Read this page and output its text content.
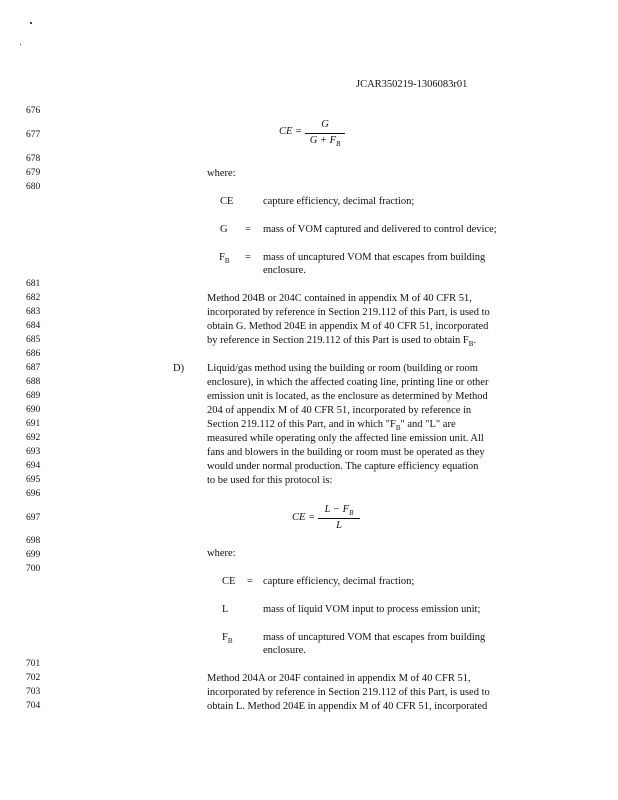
JCAR350219-1306083r01
676
677
678
679
680
681
682
683
684
685
686
687
688
689
690
691
692
693
694
695
696
697
698
699
700
701
702
703
704
CE =
G
$G + F_B$
where:
CE	capture efficiency, decimal fraction;
G = mass of VOM captured and delivered to control device;
$F_B$ = mass of uncaptured VOM that escapes from building
enclosure.
Method 204B or 204C contained in appendix M of 40 CFR 51,
incorporated by reference in Section 219.112 of this Part, is used to
obtain G. Method 204E in appendix M of 40 CFR 51, incorporated
by reference in Section 219.112 of this Part is used to obtain $F_B$.
D) Liquid/gas method using the building or room (building or room
enclosure), in which the affected coating line, printing line or other
emission unit is located, as the enclosure as determined by Method
204 of appendix M of 40 CFR 51, incorporated by reference in
Section 219.112 of this Part, and in which "$F_B$" and "L" are
measured while operating only the affected line emission unit. All
fans and blowers in the building or room must be operated as they
would under normal production. The capture efficiency equation
to be used for this protocol is:
CE =
$L - F_B$
L
where:
CE = capture efficiency, decimal fraction;
L	mass of liquid VOM input to process emission unit;
$F_B$	mass of uncaptured VOM that escapes from building
enclosure.
Method 204A or 204F contained in appendix M of 40 CFR 51,
incorporated by reference in Section 219.112 of this Part, is used to
obtain L. Method 204E in appendix M of 40 CFR 51, incorporated
